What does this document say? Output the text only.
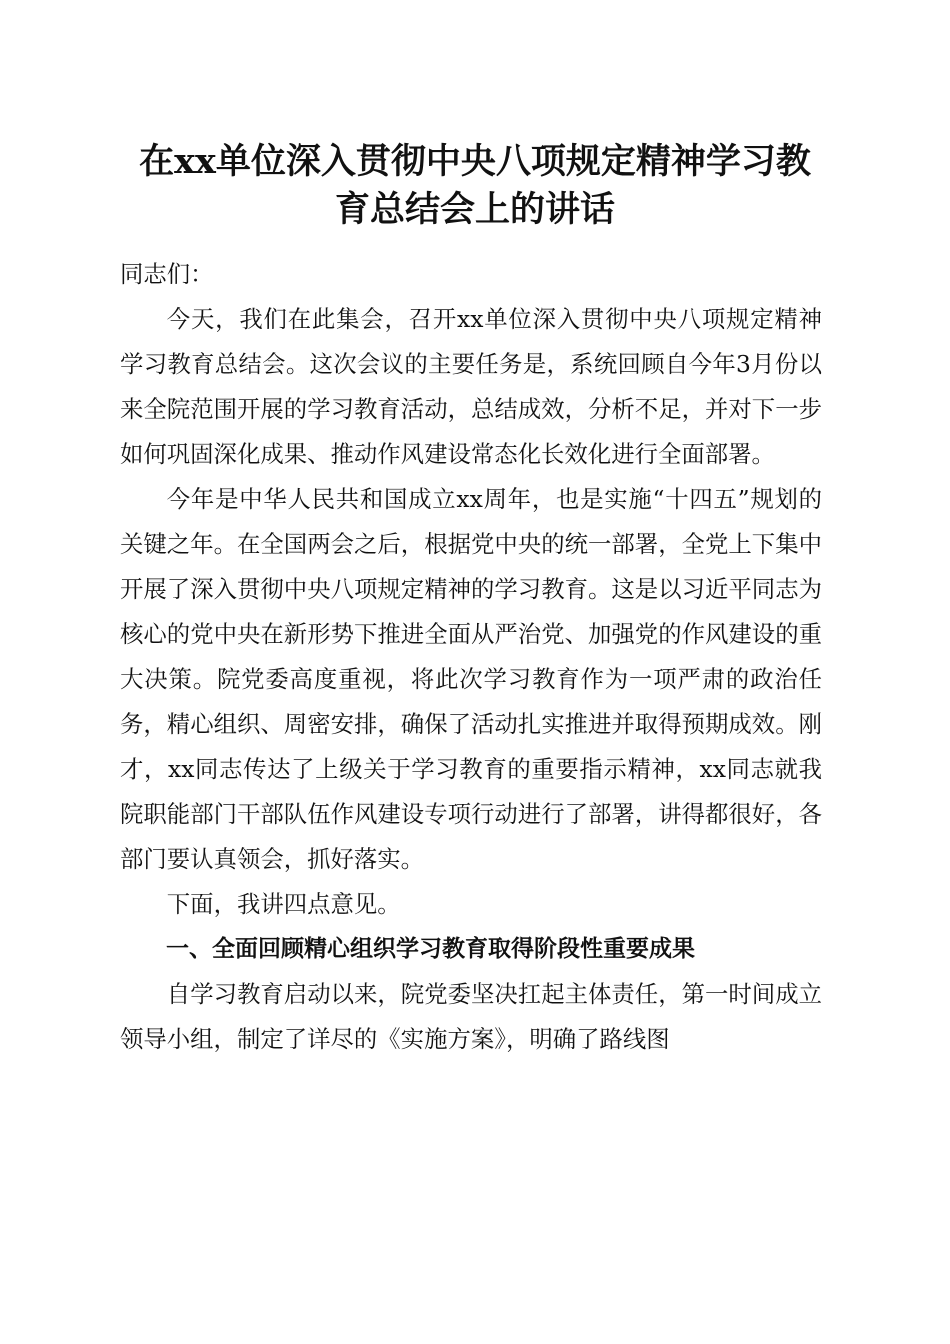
在xx单位深入贯彻中央八项规定精神学习教
育总结会上的讲话

同志们：

今天，我们在此集会，召开xx单位深入贯彻中央八项规定精神学习教育总结会。这次会议的主要任务是，系统回顾自今年3月份以来全院范围开展的学习教育活动，总结成效，分析不足，并对下一步如何巩固深化成果、推动作风建设常态化长效化进行全面部署。

今年是中华人民共和国成立xx周年，也是实施“十四五”规划的关键之年。在全国两会之后，根据党中央的统一部署，全党上下集中开展了深入贯彻中央八项规定精神的学习教育。这是以习近平同志为核心的党中央在新形势下推进全面从严治党、加强党的作风建设的重大决策。院党委高度重视，将此次学习教育作为一项严肃的政治任务，精心组织、周密安排，确保了活动扎实推进并取得预期成效。刚才，xx同志传达了上级关于学习教育的重要指示精神，xx同志就我院职能部门干部队伍作风建设专项行动进行了部署，讲得都很好，各部门要认真领会，抓好落实。

下面，我讲四点意见。

一、全面回顾精心组织学习教育取得阶段性重要成果

自学习教育启动以来，院党委坚决扛起主体责任，第一时间成立领导小组，制定了详尽的《实施方案》，明确了路线图
